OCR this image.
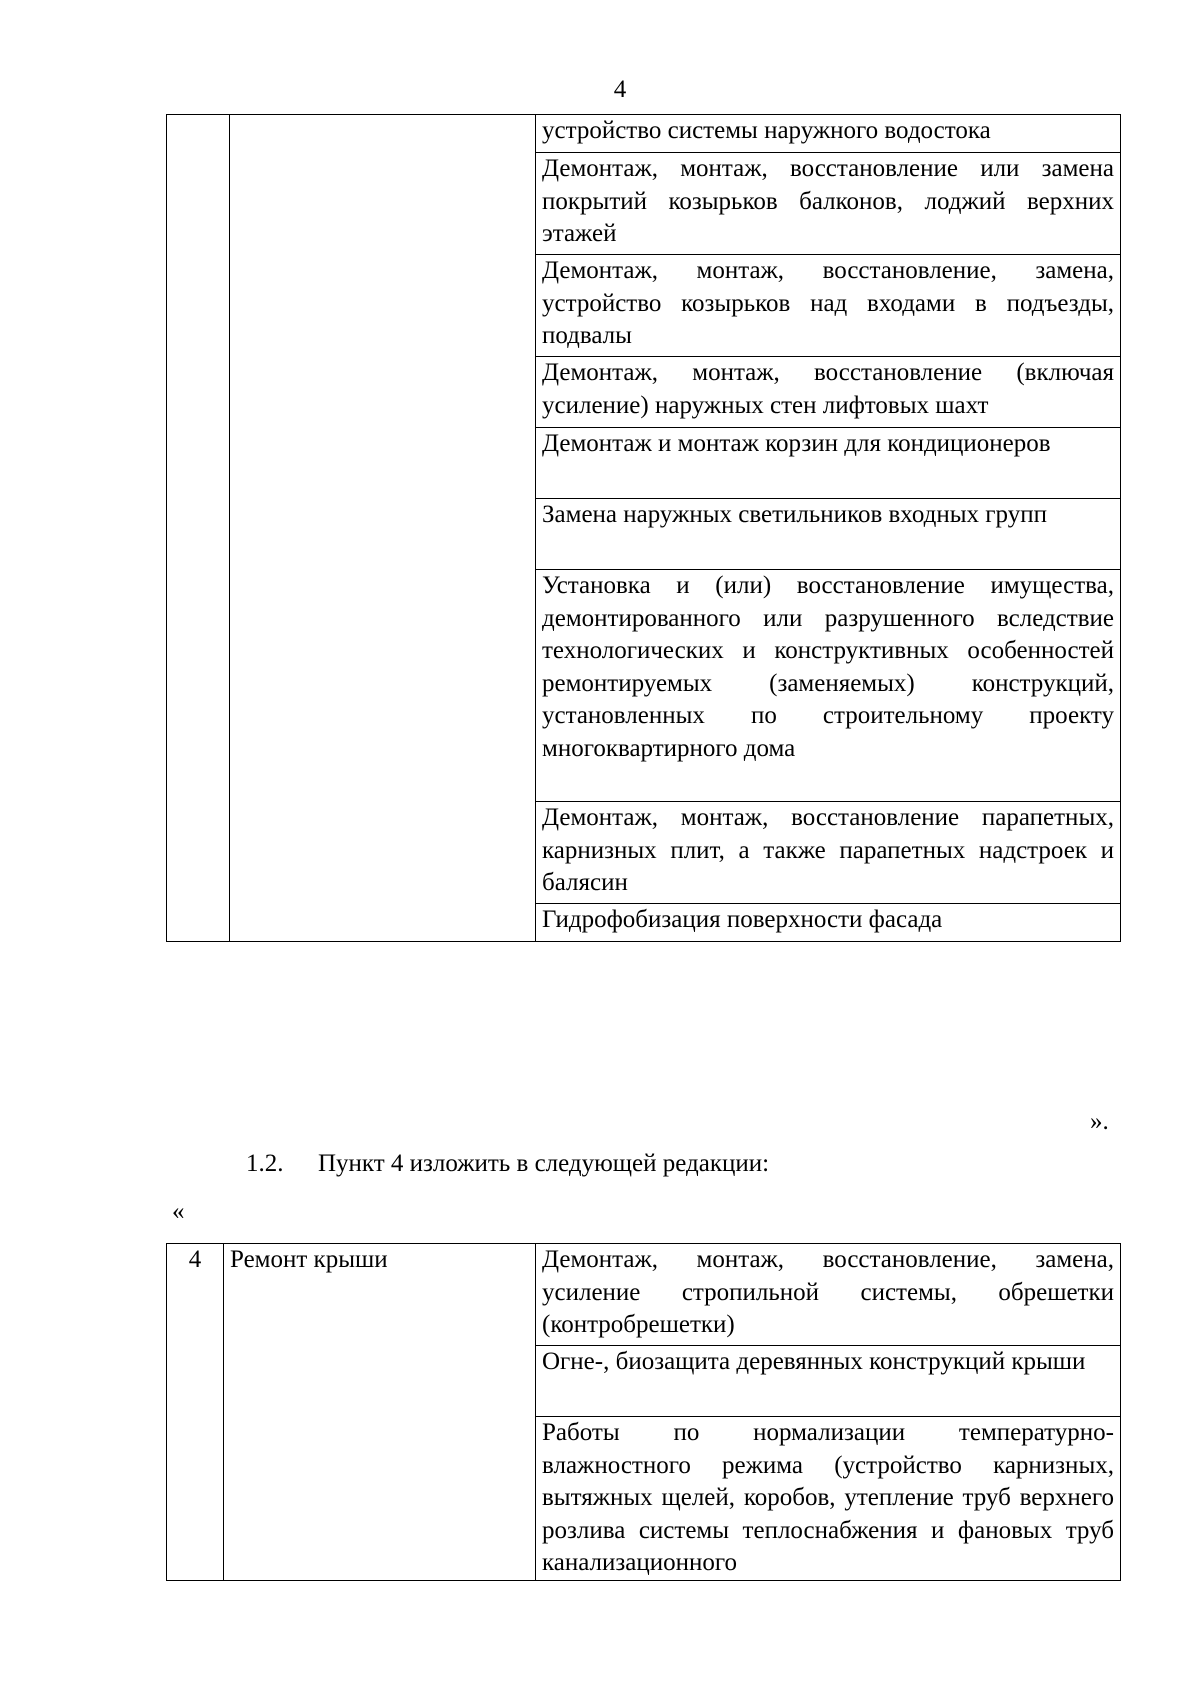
4
		устройство системы наружного водостока
Демонтаж, монтаж, восстановление или замена покрытий козырьков балконов, лоджий верхних этажей
Демонтаж, монтаж, восстановление, замена, устройство козырьков над входами в подъезды, подвалы
Демонтаж, монтаж, восстановление (включая усиление) наружных стен лифтовых шахт
Демонтаж и монтаж корзин для кондиционеров
Замена наружных светильников входных групп
Установка и (или) восстановление имущества, демонтированного или разрушенного вследствие технологических и конструктивных особенностей ремонтируемых (заменяемых) конструкций, установленных по строительному проекту многоквартирного дома
Демонтаж, монтаж, восстановление парапетных, карнизных плит, а также парапетных надстроек и балясин
Гидрофобизация поверхности фасада
».
1.2. Пункт 4 изложить в следующей редакции:
«
4	Ремонт крыши	Демонтаж, монтаж, восстановление, замена, усиление стропильной системы, обрешетки (контробрешетки)
Огне-, биозащита деревянных конструкций крыши
Работы по нормализации температурно-влажностного режима (устройство карнизных, вытяжных щелей, коробов, утепление труб верхнего розлива системы теплоснабжения и фановых труб канализационного
